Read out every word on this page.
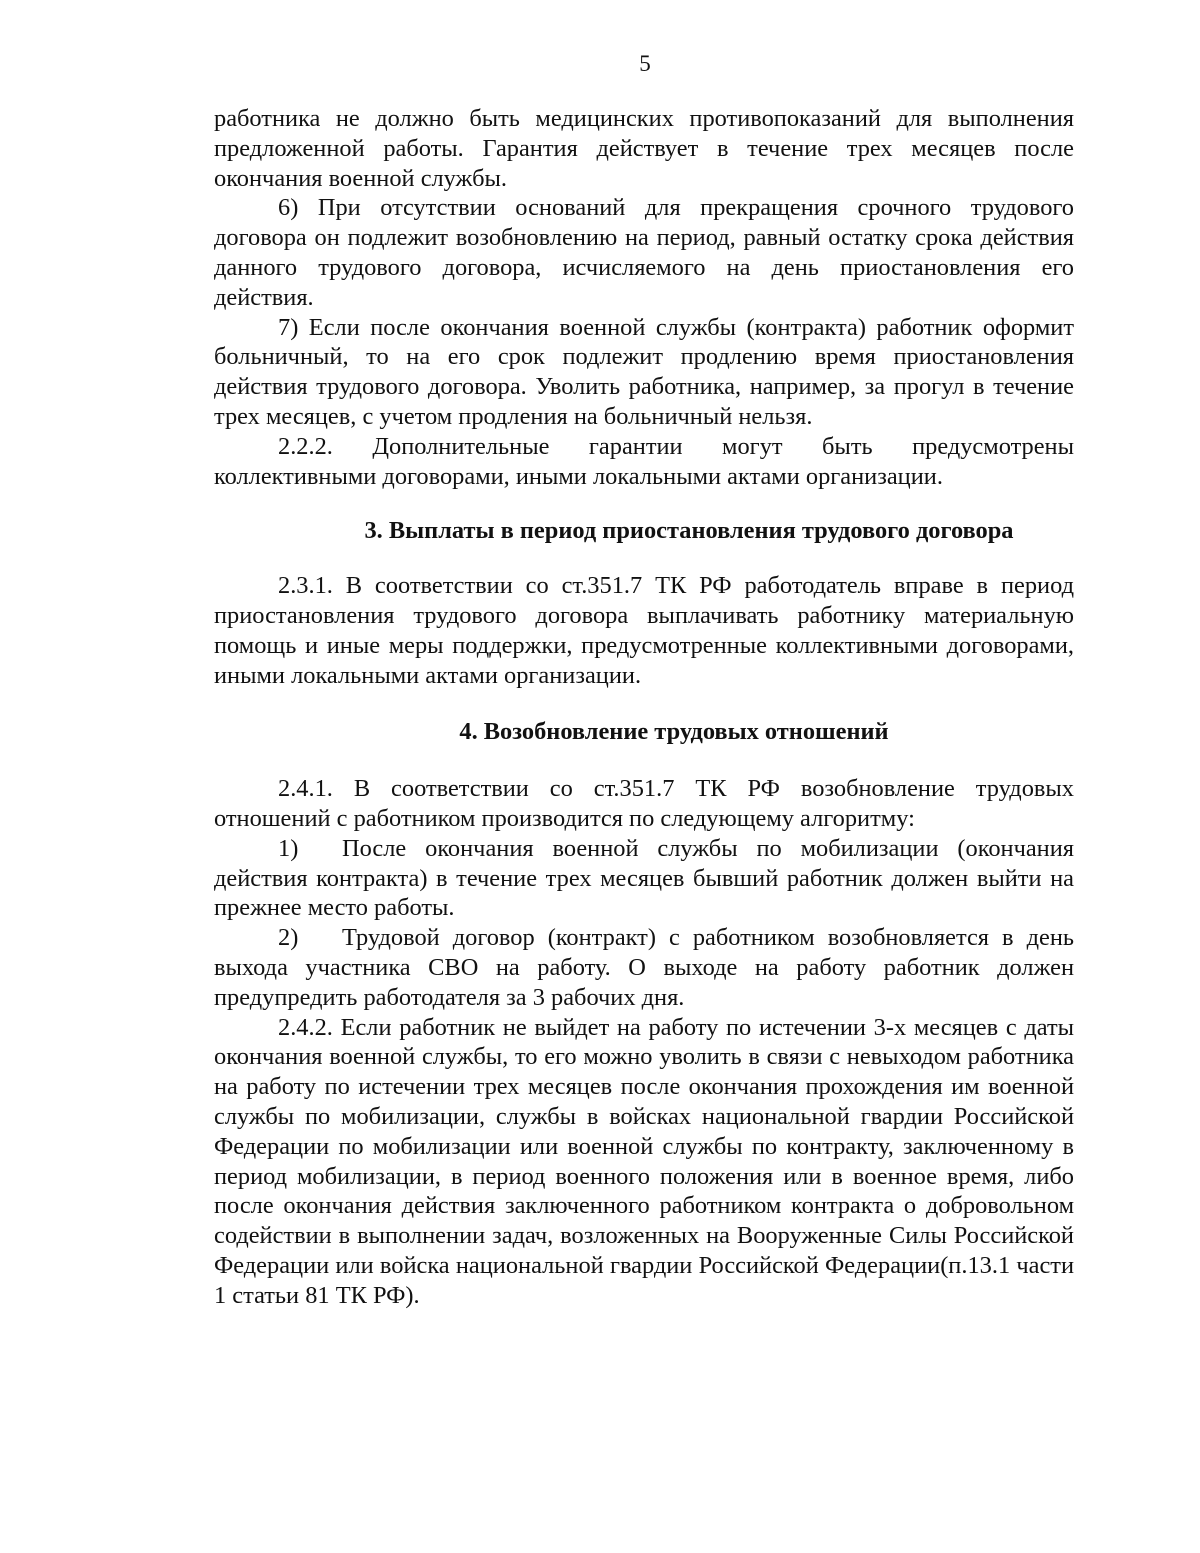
5

работника не должно быть медицинских противопоказаний для выполнения предложенной работы. Гарантия действует в течение трех месяцев после окончания военной службы.

6) При отсутствии оснований для прекращения срочного трудового договора он подлежит возобновлению на период, равный остатку срока действия данного трудового договора, исчисляемого на день приостановления его действия.

7) Если после окончания военной службы (контракта) работник оформит больничный, то на его срок подлежит продлению время приостановления действия трудового договора. Уволить работника, например, за прогул в течение трех месяцев, с учетом продления на больничный нельзя.

2.2.2. Дополнительные гарантии могут быть предусмотрены коллективными договорами, иными локальными актами организации.

3. Выплаты в период приостановления трудового договора

2.3.1. В соответствии со ст.351.7 ТК РФ работодатель вправе в период приостановления трудового договора выплачивать работнику материальную помощь и иные меры поддержки, предусмотренные коллективными договорами, иными локальными актами организации.

4. Возобновление трудовых отношений

2.4.1. В соответствии со ст.351.7 ТК РФ возобновление трудовых отношений с работником производится по следующему алгоритму:

1) После окончания военной службы по мобилизации (окончания действия контракта) в течение трех месяцев бывший работник должен выйти на прежнее место работы.

2) Трудовой договор (контракт) с работником возобновляется в день выхода участника СВО на работу. О выходе на работу работник должен предупредить работодателя за 3 рабочих дня.

2.4.2. Если работник не выйдет на работу по истечении 3-х месяцев с даты окончания военной службы, то его можно уволить в связи с невыходом работника на работу по истечении трех месяцев после окончания прохождения им военной службы по мобилизации, службы в войсках национальной гвардии Российской Федерации по мобилизации или военной службы по контракту, заключенному в период мобилизации, в период военного положения или в военное время, либо после окончания действия заключенного работником контракта о добровольном содействии в выполнении задач, возложенных на Вооруженные Силы Российской Федерации или войска национальной гвардии Российской Федерации(п.13.1 части 1 статьи 81 ТК РФ).
